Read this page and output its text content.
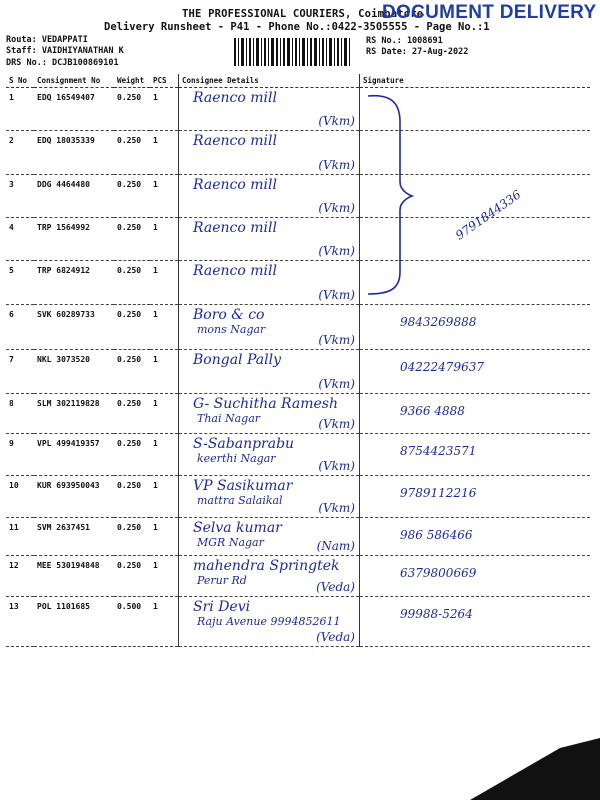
THE PROFESSIONAL COURIERS, Coimbatore
Delivery Runsheet - P41 - Phone No.:0422-3505555 - Page No.:1
DOCUMENT DELIVERY
Routa: VEDAPPATI
Staff: VAIDHIYANATHAN K
DRS No.: DCJB100869101
RS No.: 1008691
RS Date: 27-Aug-2022
S No	Consignment No	Weight	PCS	Consignee Details	Signature
1	EDQ 16549407	0.250	1	Raenco mill
(Vkm)	

2	EDQ 18035339	0.250	1	Raenco mill
(Vkm)	

3	DDG 4464480	0.250	1	Raenco mill
(Vkm)	

4	TRP 1564992	0.250	1	Raenco mill
(Vkm)	9791844336

5	TRP 6824912	0.250	1	Raenco mill
(Vkm)	

6	SVK 60289733	0.250	1	Boro & co
mons Nagar
(Vkm)	9843269888

7	NKL 3073520	0.250	1	Bongal Pally
(Vkm)	04222479637

8	SLM 302119828	0.250	1	G- Suchitha Ramesh
Thai Nagar (Vkm)	9366 4888

9	VPL 499419357	0.250	1	S-Sabanprabu
keerthi Nagar
(Vkm)	8754423571

10	KUR 693950043	0.250	1	VP Sasikumar
mattra Salaikal
(Vkm)	9789112216

11	SVM 2637451	0.250	1	Selva kumar
MGR Nagar (Nam)	986 586466

12	MEE 530194848	0.250	1	mahendra Springtek
Perur Rd (Veda)	6379800669

13	POL 1101685	0.500	1	Sri Devi
Raju Avenue 9994852611
(Veda)	99988-5264
